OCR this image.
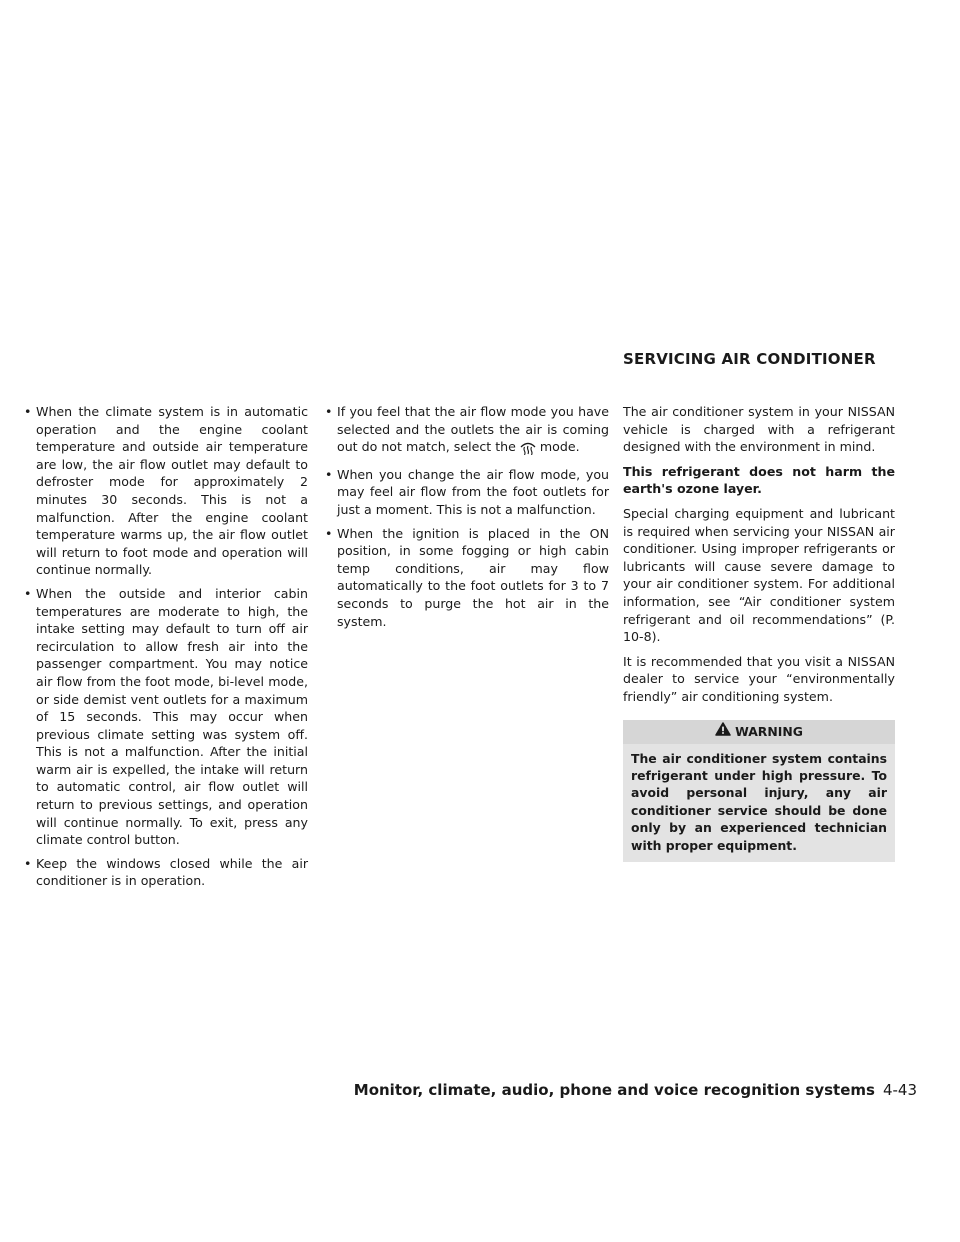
SERVICING AIR CONDITIONER
• When the climate system is in automatic operation and the engine coolant temperature and outside air temperature are low, the air flow outlet may default to defroster mode for approximately 2 minutes 30 seconds. This is not a malfunction. After the engine coolant temperature warms up, the air flow outlet will return to foot mode and operation will continue normally.
• When the outside and interior cabin temperatures are moderate to high, the intake setting may default to turn off air recirculation to allow fresh air into the passenger compartment. You may notice air flow from the foot mode, bi-level mode, or side demist vent outlets for a maximum of 15 seconds. This may occur when previous climate setting was system off. This is not a malfunction. After the initial warm air is expelled, the intake will return to automatic control, air flow outlet will return to previous settings, and operation will continue normally. To exit, press any climate control button.
• Keep the windows closed while the air conditioner is in operation.
• If you feel that the air flow mode you have selected and the outlets the air is coming out do not match, select the mode.
• When you change the air flow mode, you may feel air flow from the foot outlets for just a moment. This is not a malfunction.
• When the ignition is placed in the ON position, in some fogging or high cabin temp conditions, air may flow automatically to the foot outlets for 3 to 7 seconds to purge the hot air in the system.

The air conditioner system in your NISSAN vehicle is charged with a refrigerant designed with the environment in mind.

This refrigerant does not harm the earth's ozone layer.

Special charging equipment and lubricant is required when servicing your NISSAN air conditioner. Using improper refrigerants or lubricants will cause severe damage to your air conditioner system. For additional information, see “Air conditioner system refrigerant and oil recommendations” (P. 10-8).

It is recommended that you visit a NISSAN dealer to service your “environmentally friendly” air conditioning system.

WARNING
The air conditioner system contains refrigerant under high pressure. To avoid personal injury, any air conditioner service should be done only by an experienced technician with proper equipment.
Monitor, climate, audio, phone and voice recognition systems 4-43
